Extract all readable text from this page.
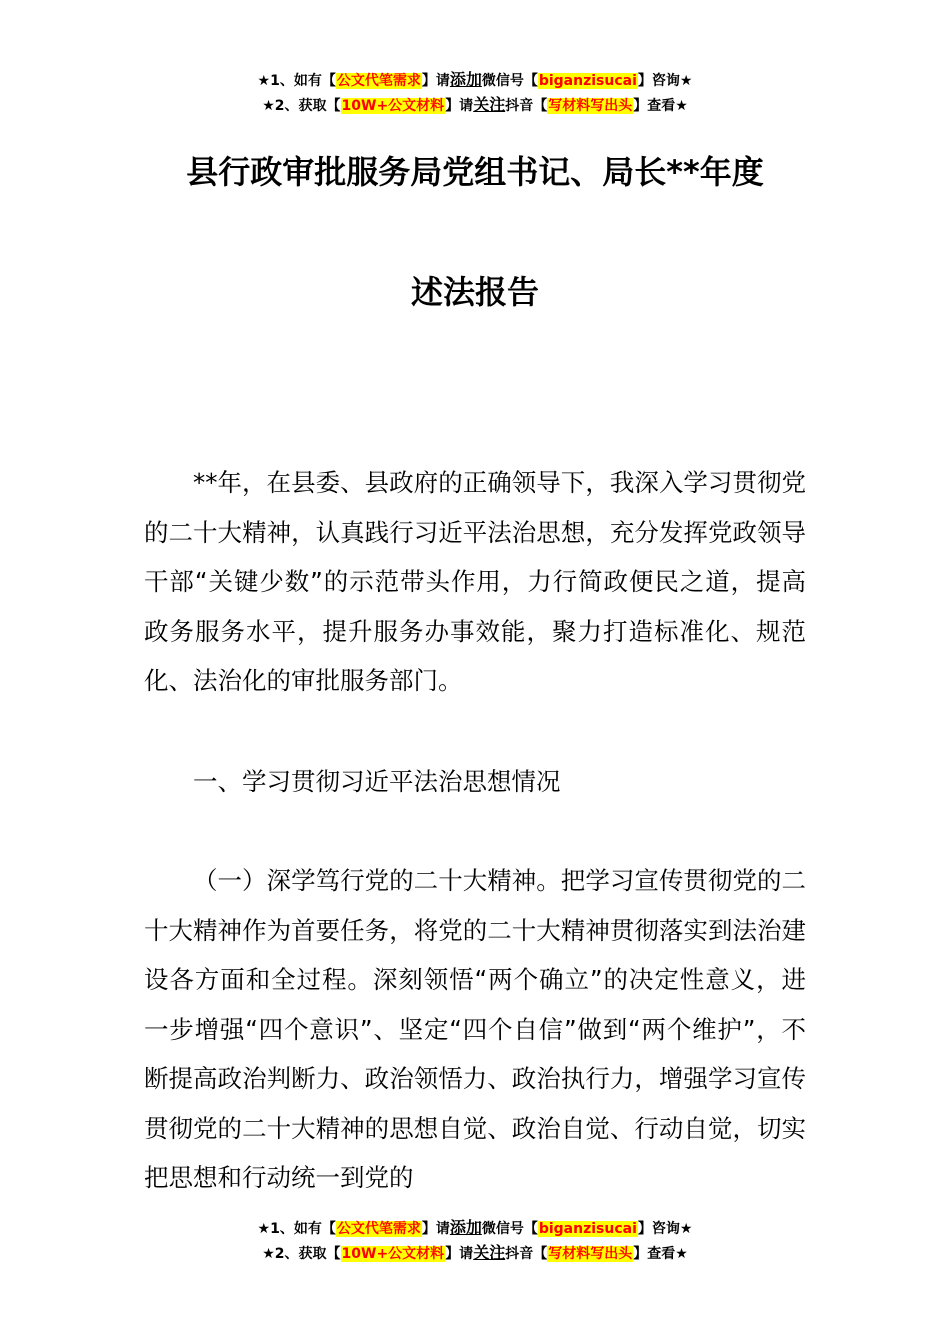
★1、如有【公文代笔需求】请添加微信号【biganzisucai】咨询★
★2、获取【10W+公文材料】请关注抖音【写材料写出头】查看★
县行政审批服务局党组书记、局长**年度
述法报告
**年，在县委、县政府的正确领导下，我深入学习贯彻党的二十大精神，认真践行习近平法治思想，充分发挥党政领导干部“关键少数”的示范带头作用，力行简政便民之道，提高政务服务水平，提升服务办事效能，聚力打造标准化、规范化、法治化的审批服务部门。
一、学习贯彻习近平法治思想情况
（一）深学笃行党的二十大精神。把学习宣传贯彻党的二十大精神作为首要任务，将党的二十大精神贯彻落实到法治建设各方面和全过程。深刻领悟“两个确立”的决定性意义，进一步增强“四个意识”、坚定“四个自信”做到“两个维护”，不断提高政治判断力、政治领悟力、政治执行力，增强学习宣传贯彻党的二十大精神的思想自觉、政治自觉、行动自觉，切实把思想和行动统一到党的
★1、如有【公文代笔需求】请添加微信号【biganzisucai】咨询★
★2、获取【10W+公文材料】请关注抖音【写材料写出头】查看★
